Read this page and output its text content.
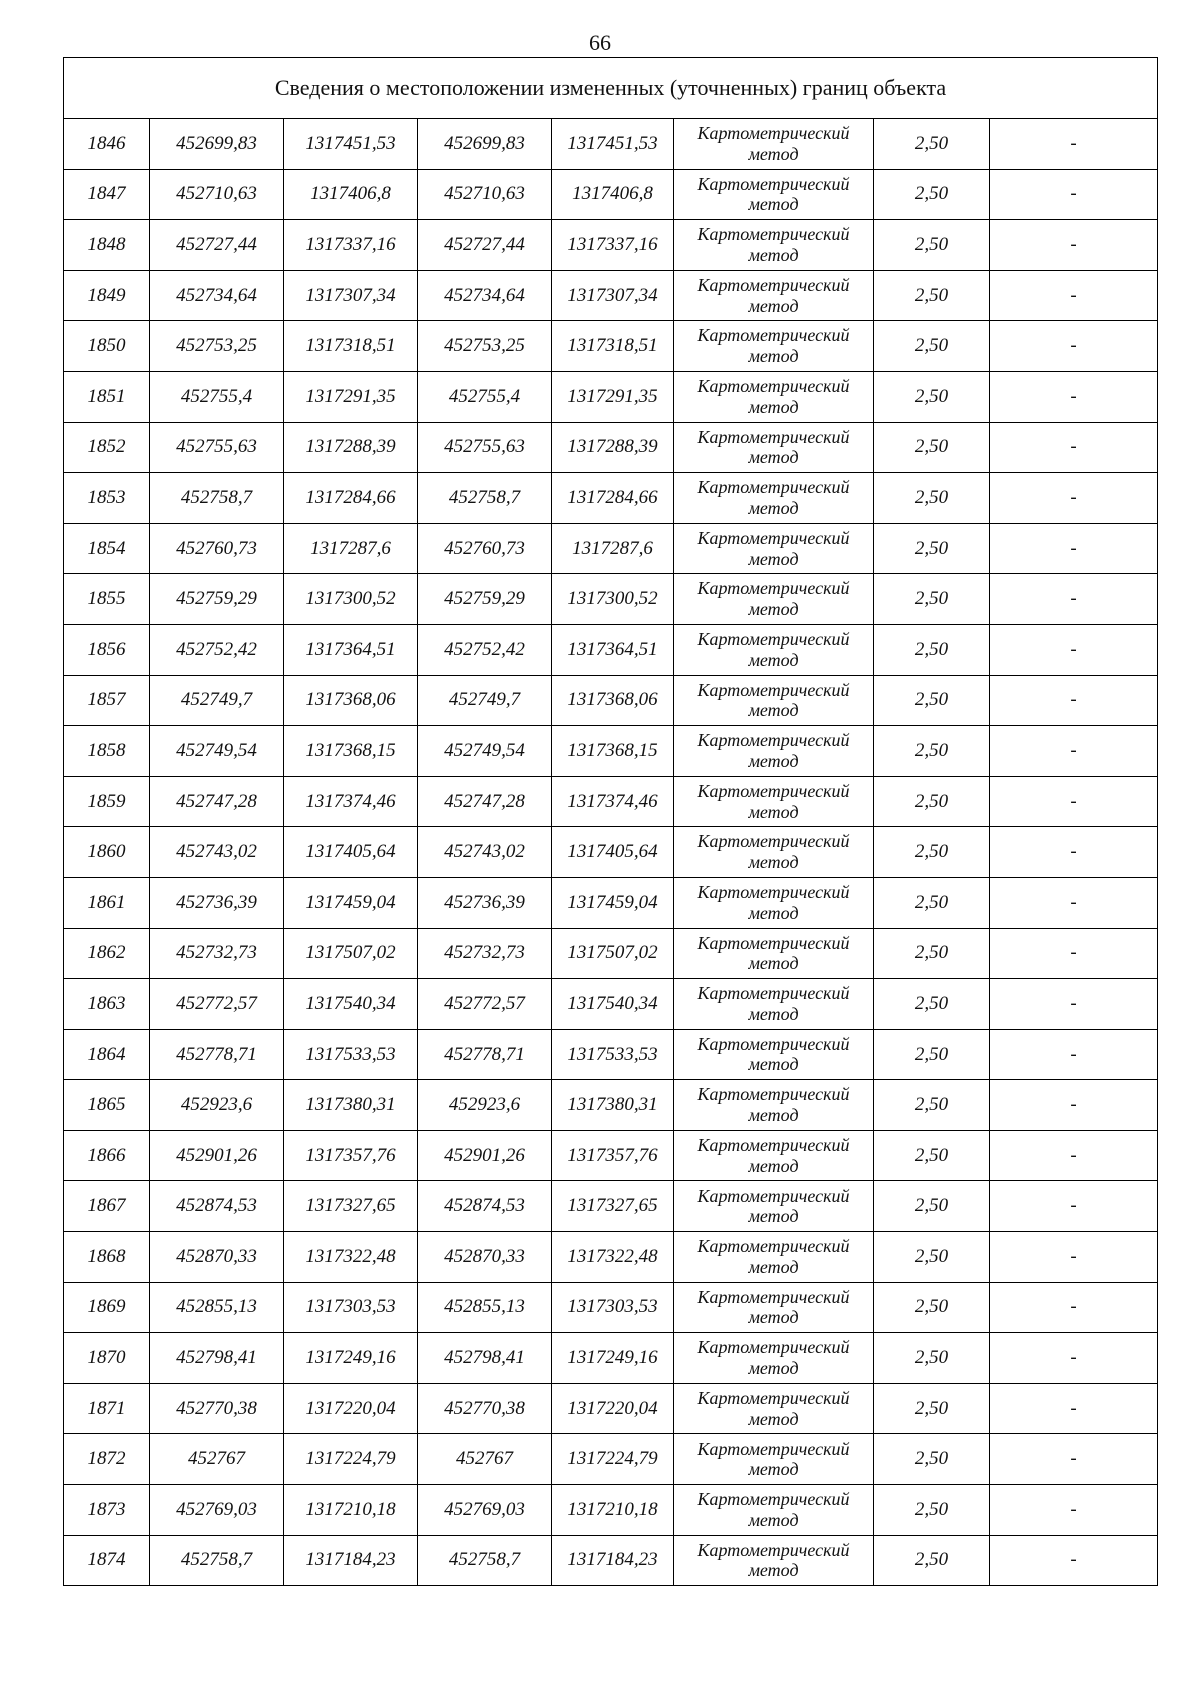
66
Сведения о местоположении измененных (уточненных) границ объекта							
1846	452699,83	1317451,53	452699,83	1317451,53	Картометрический метод	2,50	-
1847	452710,63	1317406,8	452710,63	1317406,8	Картометрический метод	2,50	-
1848	452727,44	1317337,16	452727,44	1317337,16	Картометрический метод	2,50	-
1849	452734,64	1317307,34	452734,64	1317307,34	Картометрический метод	2,50	-
1850	452753,25	1317318,51	452753,25	1317318,51	Картометрический метод	2,50	-
1851	452755,4	1317291,35	452755,4	1317291,35	Картометрический метод	2,50	-
1852	452755,63	1317288,39	452755,63	1317288,39	Картометрический метод	2,50	-
1853	452758,7	1317284,66	452758,7	1317284,66	Картометрический метод	2,50	-
1854	452760,73	1317287,6	452760,73	1317287,6	Картометрический метод	2,50	-
1855	452759,29	1317300,52	452759,29	1317300,52	Картометрический метод	2,50	-
1856	452752,42	1317364,51	452752,42	1317364,51	Картометрический метод	2,50	-
1857	452749,7	1317368,06	452749,7	1317368,06	Картометрический метод	2,50	-
1858	452749,54	1317368,15	452749,54	1317368,15	Картометрический метод	2,50	-
1859	452747,28	1317374,46	452747,28	1317374,46	Картометрический метод	2,50	-
1860	452743,02	1317405,64	452743,02	1317405,64	Картометрический метод	2,50	-
1861	452736,39	1317459,04	452736,39	1317459,04	Картометрический метод	2,50	-
1862	452732,73	1317507,02	452732,73	1317507,02	Картометрический метод	2,50	-
1863	452772,57	1317540,34	452772,57	1317540,34	Картометрический метод	2,50	-
1864	452778,71	1317533,53	452778,71	1317533,53	Картометрический метод	2,50	-
1865	452923,6	1317380,31	452923,6	1317380,31	Картометрический метод	2,50	-
1866	452901,26	1317357,76	452901,26	1317357,76	Картометрический метод	2,50	-
1867	452874,53	1317327,65	452874,53	1317327,65	Картометрический метод	2,50	-
1868	452870,33	1317322,48	452870,33	1317322,48	Картометрический метод	2,50	-
1869	452855,13	1317303,53	452855,13	1317303,53	Картометрический метод	2,50	-
1870	452798,41	1317249,16	452798,41	1317249,16	Картометрический метод	2,50	-
1871	452770,38	1317220,04	452770,38	1317220,04	Картометрический метод	2,50	-
1872	452767	1317224,79	452767	1317224,79	Картометрический метод	2,50	-
1873	452769,03	1317210,18	452769,03	1317210,18	Картометрический метод	2,50	-
1874	452758,7	1317184,23	452758,7	1317184,23	Картометрический метод	2,50	-
